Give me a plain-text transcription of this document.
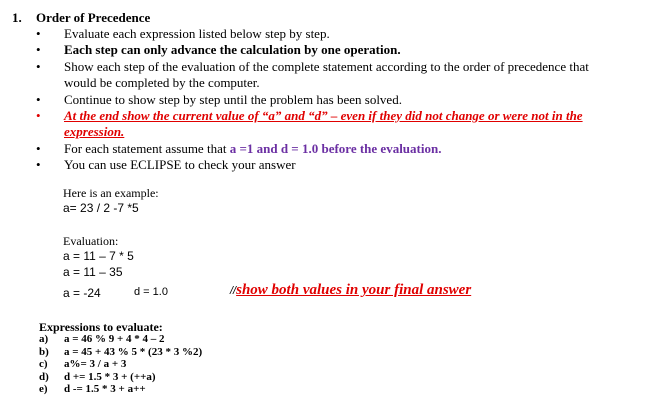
1. Order of Precedence
• Evaluate each expression listed below step by step.
• Each step can only advance the calculation by one operation.
• Show each step of the evaluation of the complete statement according to the order of precedence that
would be completed by the computer.
• Continue to show step by step until the problem has been solved.
• At the end show the current value of “a” and “d” – even if they did not change or were not in the
expression.
• For each statement assume that a =1 and d = 1.0 before the evaluation.
• You can use ECLIPSE to check your answer
Here is an example:
a= 23 / 2 -7 *5
Evaluation:
a = 11 – 7 * 5
a = 11 – 35
a = -24	d = 1.0	//show both values in your final answer
Expressions to evaluate:
a) a = 46 % 9 + 4 * 4 – 2
b) a = 45 + 43 % 5 * (23 * 3 %2)
c) a%= 3 / a + 3
d) d += 1.5 * 3 + (++a)
e) d -= 1.5 * 3 + a++
